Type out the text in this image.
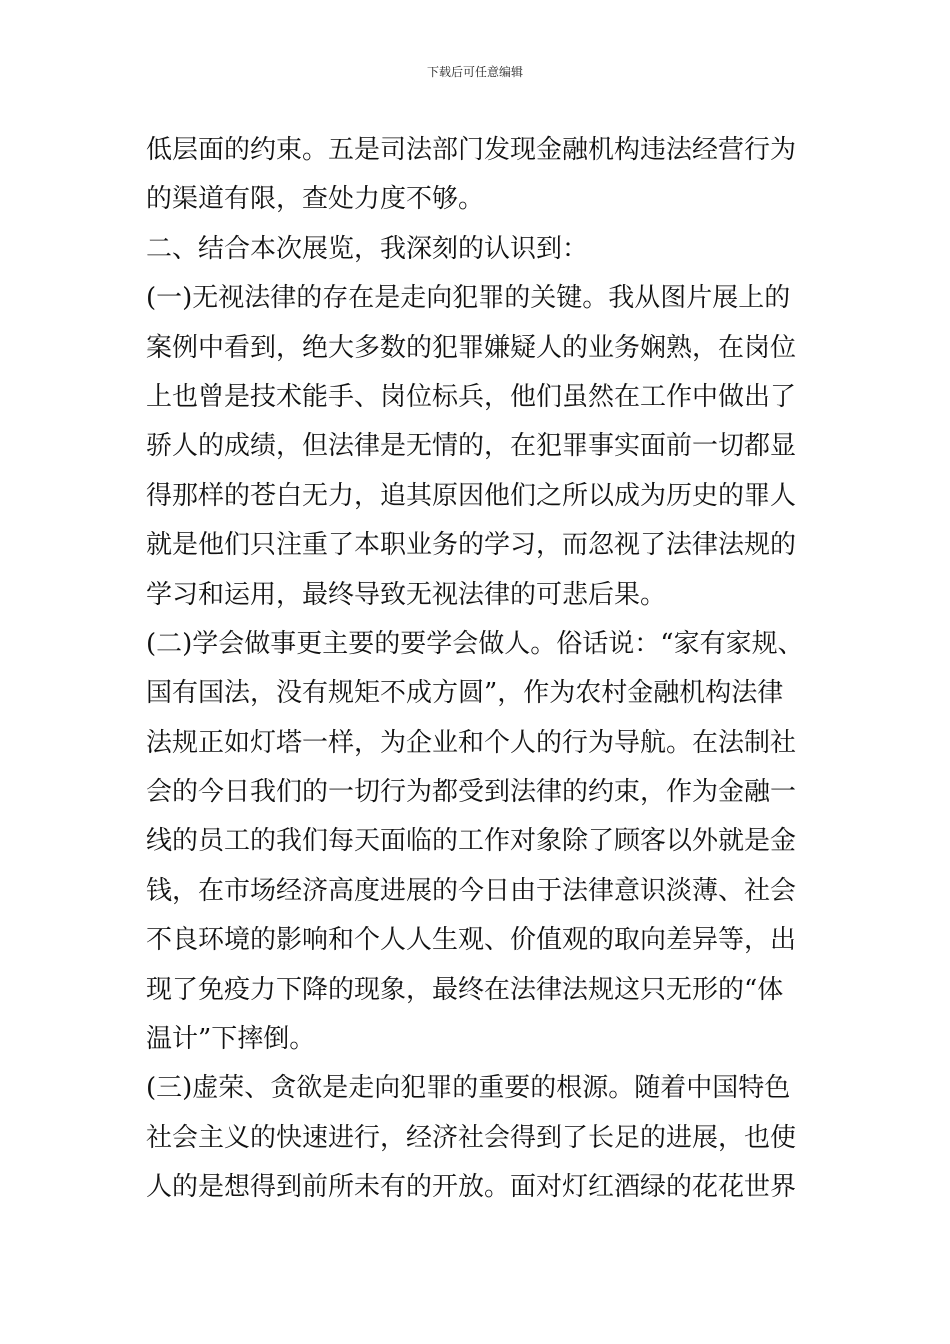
下载后可任意编辑
低层面的约束。五是司法部门发现金融机构违法经营行为
的渠道有限，查处力度不够。
二、结合本次展览，我深刻的认识到：
(一)无视法律的存在是走向犯罪的关键。我从图片展上的
案例中看到，绝大多数的犯罪嫌疑人的业务娴熟，在岗位
上也曾是技术能手、岗位标兵，他们虽然在工作中做出了
骄人的成绩，但法律是无情的，在犯罪事实面前一切都显
得那样的苍白无力，追其原因他们之所以成为历史的罪人
就是他们只注重了本职业务的学习，而忽视了法律法规的
学习和运用，最终导致无视法律的可悲后果。
(二)学会做事更主要的要学会做人。俗话说：“家有家规、
国有国法，没有规矩不成方圆”，作为农村金融机构法律
法规正如灯塔一样，为企业和个人的行为导航。在法制社
会的今日我们的一切行为都受到法律的约束，作为金融一
线的员工的我们每天面临的工作对象除了顾客以外就是金
钱，在市场经济高度进展的今日由于法律意识淡薄、社会
不良环境的影响和个人人生观、价值观的取向差异等，出
现了免疫力下降的现象，最终在法律法规这只无形的“体
温计”下摔倒。
(三)虚荣、贪欲是走向犯罪的重要的根源。随着中国特色
社会主义的快速进行，经济社会得到了长足的进展，也使
人的是想得到前所未有的开放。面对灯红酒绿的花花世界
